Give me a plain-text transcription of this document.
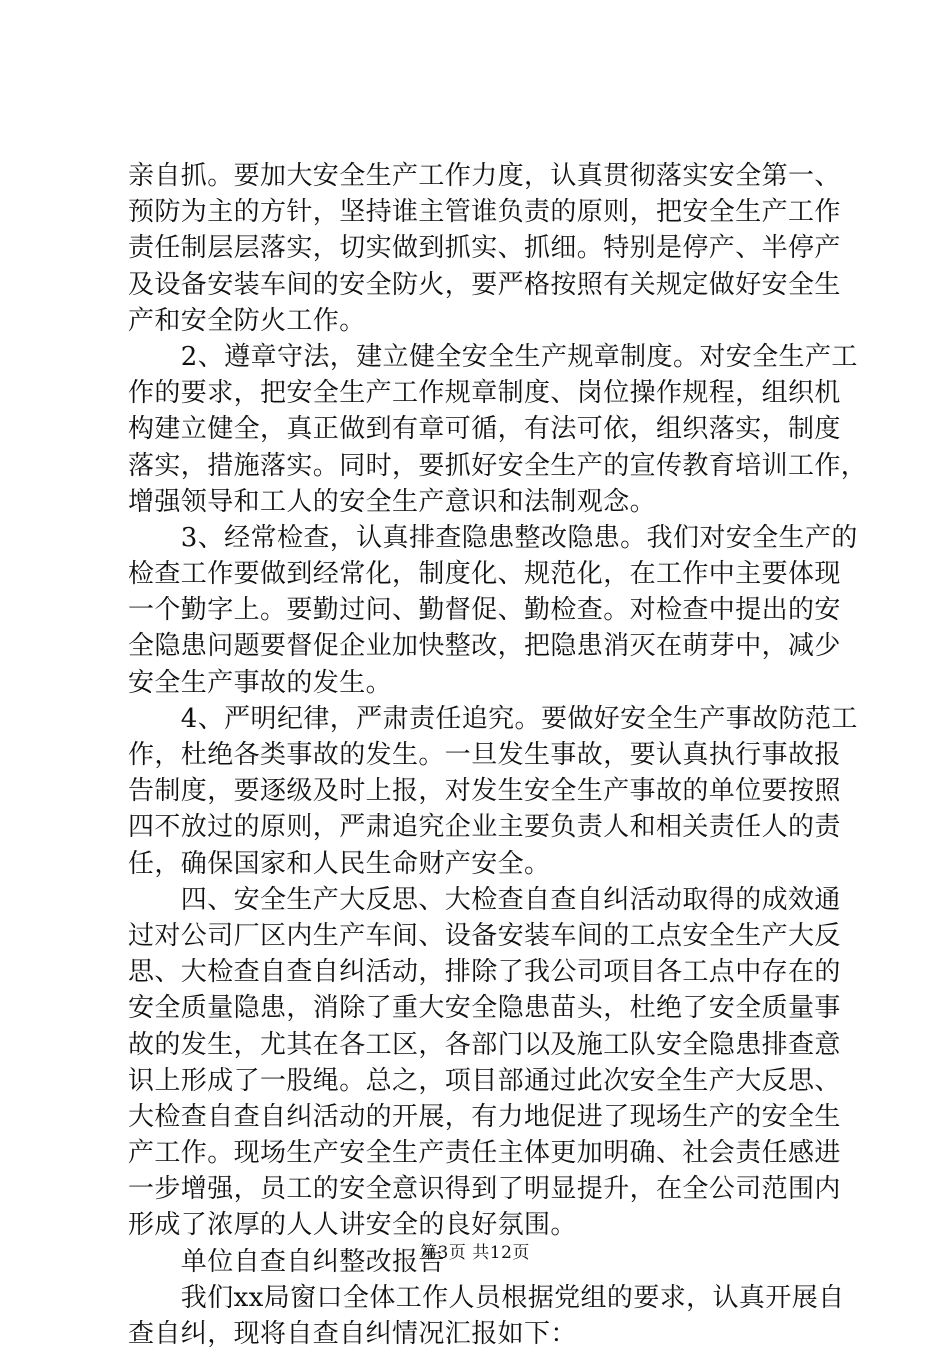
亲自抓。要加大安全生产工作力度，认真贯彻落实安全第一、
预防为主的方针，坚持谁主管谁负责的原则，把安全生产工作
责任制层层落实，切实做到抓实、抓细。特别是停产、半停产
及设备安装车间的安全防火，要严格按照有关规定做好安全生
产和安全防火工作。
　　2、遵章守法，建立健全安全生产规章制度。对安全生产工
作的要求，把安全生产工作规章制度、岗位操作规程，组织机
构建立健全，真正做到有章可循，有法可依，组织落实，制度
落实，措施落实。同时，要抓好安全生产的宣传教育培训工作，
增强领导和工人的安全生产意识和法制观念。
　　3、经常检查，认真排查隐患整改隐患。我们对安全生产的
检查工作要做到经常化，制度化、规范化，在工作中主要体现
一个勤字上。要勤过问、勤督促、勤检查。对检查中提出的安
全隐患问题要督促企业加快整改，把隐患消灭在萌芽中，减少
安全生产事故的发生。
　　4、严明纪律，严肃责任追究。要做好安全生产事故防范工
作，杜绝各类事故的发生。一旦发生事故，要认真执行事故报
告制度，要逐级及时上报，对发生安全生产事故的单位要按照
四不放过的原则，严肃追究企业主要负责人和相关责任人的责
任，确保国家和人民生命财产安全。
　　四、安全生产大反思、大检查自查自纠活动取得的成效通
过对公司厂区内生产车间、设备安装车间的工点安全生产大反
思、大检查自查自纠活动，排除了我公司项目各工点中存在的
安全质量隐患，消除了重大安全隐患苗头，杜绝了安全质量事
故的发生，尤其在各工区，各部门以及施工队安全隐患排查意
识上形成了一股绳。总之，项目部通过此次安全生产大反思、
大检查自查自纠活动的开展，有力地促进了现场生产的安全生
产工作。现场生产安全生产责任主体更加明确、社会责任感进
一步增强，员工的安全意识得到了明显提升，在全公司范围内
形成了浓厚的人人讲安全的良好氛围。
　　单位自查自纠整改报告
　　我们xx局窗口全体工作人员根据党组的要求，认真开展自
查自纠，现将自查自纠情况汇报如下：
第3页 共12页
